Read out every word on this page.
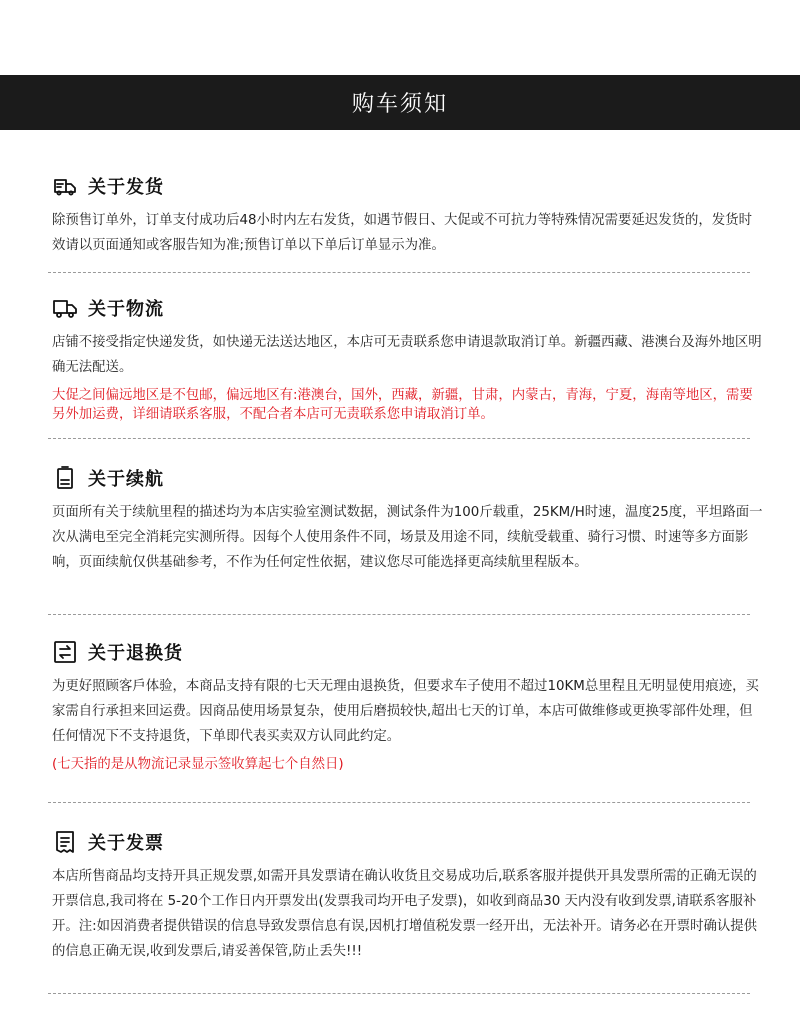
购车须知
关于发货

除预售订单外，订单支付成功后48小时内左右发货，如遇节假日、大促或不可抗力等特殊情况需要延迟发货的，发货时效请以页面通知或客服告知为准;预售订单以下单后订单显示为准。

关于物流

店铺不接受指定快递发货，如快递无法送达地区，本店可无责联系您申请退款取消订单。新疆西藏、港澳台及海外地区明确无法配送。

大促之间偏远地区是不包邮，偏远地区有:港澳台，国外，西藏，新疆，甘肃，内蒙古，青海，宁夏，海南等地区，需要另外加运费，详细请联系客服，不配合者本店可无责联系您申请取消订单。

关于续航

页面所有关于续航里程的描述均为本店实验室测试数据，测试条件为100斤载重，25KM/H时速，温度25度，平坦路面一次从满电至完全消耗完实测所得。因每个人使用条件不同，场景及用途不同，续航受载重、骑行习惯、时速等多方面影响，页面续航仅供基础参考，不作为任何定性依据，建议您尽可能选择更高续航里程版本。

关于退换货

为更好照顾客戶体验，本商品支持有限的七天无理由退换货，但要求车子使用不超过10KM总里程且无明显使用痕迹，买家需自行承担来回运费。因商品使用场景复杂，使用后磨损较快,超出七天的订单，本店可做维修或更换零部件处理，但任何情况下不支持退货，下单即代表买卖双方认同此约定。

(七天指的是从物流记录显示签收算起七个自然日)

关于发票

本店所售商品均支持开具正规发票,如需开具发票请在确认收货且交易成功后,联系客服并提供开具发票所需的正确无误的开票信息,我司将在 5-20个工作日内开票发出(发票我司均开电子发票)，如收到商品30 天内没有收到发票,请联系客服补开。注:如因消费者提供错误的信息导致发票信息有误,因机打增值税发票一经开出，无法补开。请务必在开票时确认提供的信息正确无误,收到发票后,请妥善保管,防止丢失!!!
